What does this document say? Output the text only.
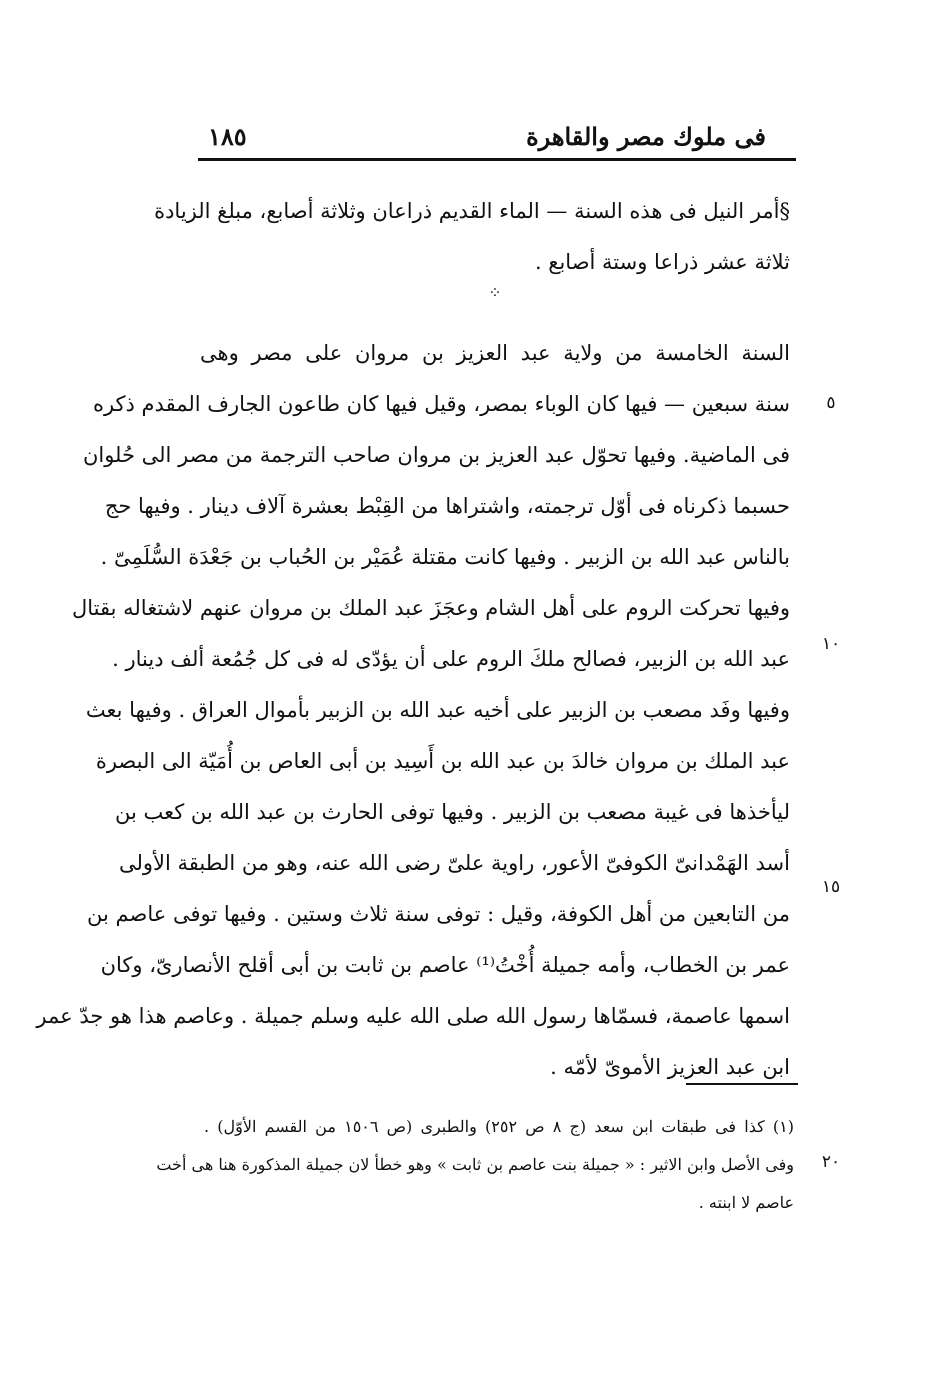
فى ملوك مصر والقاهرة
١٨٥
§أمر النيل فى هذه السنة — الماء القديم ذراعان وثلاثة أصابع، مبلغ الزيادة
ثلاثة عشر ذراعا وستة أصابع .
⁘
السنة الخامسة من ولاية عبد العزيز بن مروان على مصر وهى
سنة سبعين — فيها كان الوباء بمصر، وقيل فيها كان طاعون الجارف المقدم ذكره
فى الماضية. وفيها تحوّل عبد العزيز بن مروان صاحب الترجمة من مصر الى حُلوان
حسبما ذكرناه فى أوّل ترجمته، واشتراها من القِبْط بعشرة آلاف دينار . وفيها حج
بالناس عبد الله بن الزبير . وفيها كانت مقتلة عُمَيْر بن الحُباب بن جَعْدَة السُّلَمِىّ .
وفيها تحركت الروم على أهل الشام وعجَزَ عبد الملك بن مروان عنهم لاشتغاله بقتال
عبد الله بن الزبير، فصالح ملكَ الروم على أن يؤدّى له فى كل جُمُعة ألف دينار .
وفيها وفَد مصعب بن الزبير على أخيه عبد الله بن الزبير بأموال العراق . وفيها بعث
عبد الملك بن مروان خالدَ بن عبد الله بن أَسِيد بن أبى العاص بن أُمَيّة الى البصرة
ليأخذها فى غيبة مصعب بن الزبير . وفيها توفى الحارث بن عبد الله بن كعب بن
أسد الهَمْدانىّ الكوفىّ الأعور، راوية علىّ رضى الله عنه، وهو من الطبقة الأولى
من التابعين من أهل الكوفة، وقيل : توفى سنة ثلاث وستين . وفيها توفى عاصم بن
عمر بن الخطاب، وأمه جميلة أُخْتُ⁽¹⁾ عاصم بن ثابت بن أبى أقلح الأنصارىّ، وكان
اسمها عاصمة، فسمّاها رسول الله صلى الله عليه وسلم جميلة . وعاصم هذا هو جدّ عمر
ابن عبد العزيز الأموىّ لأمّه .
٥
١٠
١٥
٢٠
(١) كذا فى طبقات ابن سعد (ج ٨ ص ٢٥٢) والطبرى (ص ١٥٠٦ من القسم الأوّل) .
وفى الأصل وابن الاثير : « جميلة بنت عاصم بن ثابت » وهو خطأ لان جميلة المذكورة هنا هى أخت
عاصم لا ابنته .
